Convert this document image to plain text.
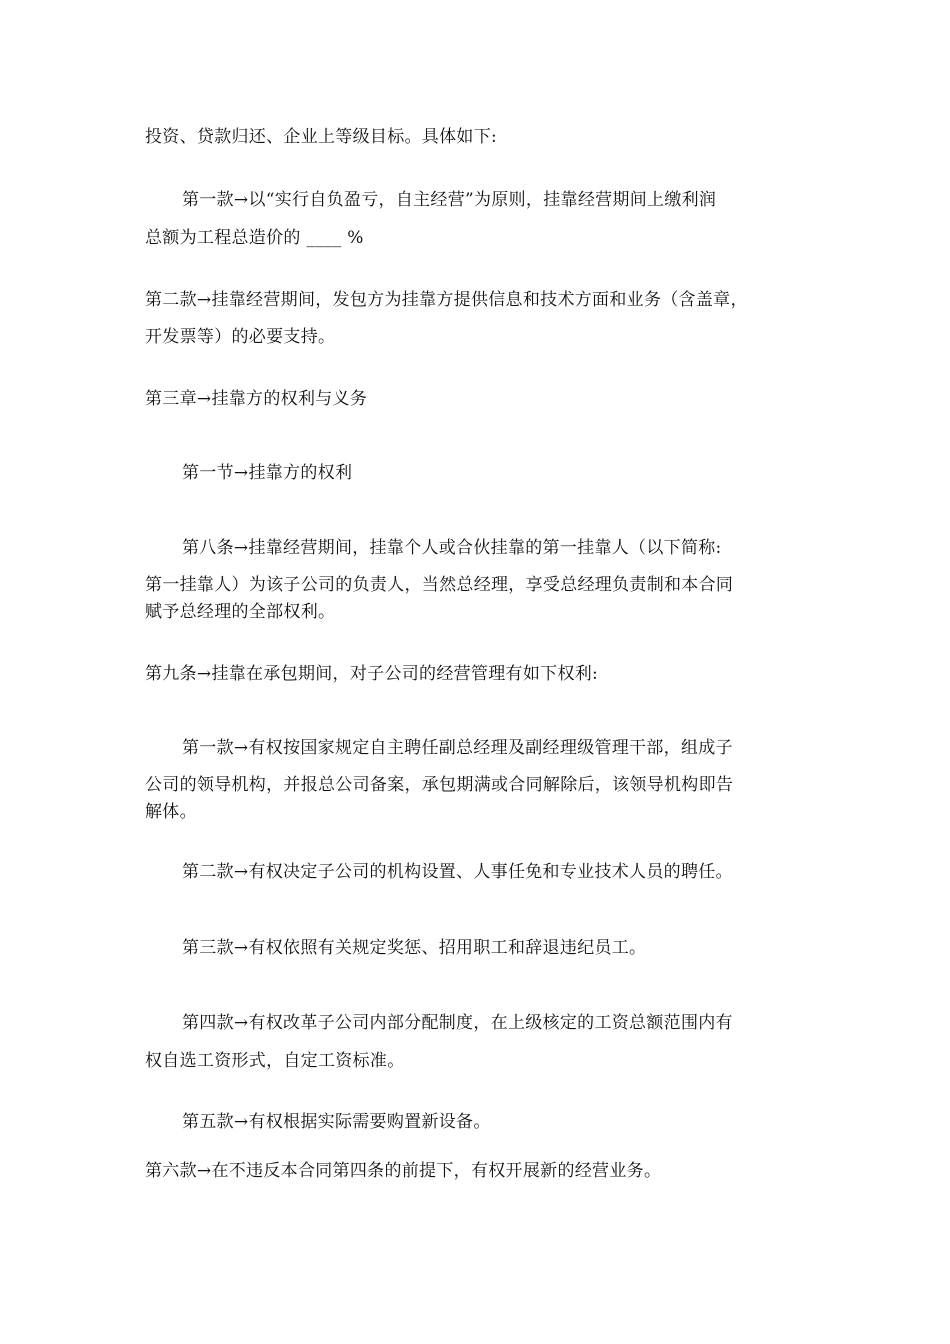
投资、贷款归还、企业上等级目标。具体如下:
第一款→以“实行自负盈亏，自主经营”为原则，挂靠经营期间上缴利润
总额为工程总造价的 ____ %
第二款→挂靠经营期间，发包方为挂靠方提供信息和技术方面和业务（含盖章，
开发票等）的必要支持。
第三章→挂靠方的权利与义务
第一节→挂靠方的权利
第八条→挂靠经营期间，挂靠个人或合伙挂靠的第一挂靠人（以下简称:
第一挂靠人）为该子公司的负责人，当然总经理，享受总经理负责制和本合同
赋予总经理的全部权利。
第九条→挂靠在承包期间，对子公司的经营管理有如下权利:
第一款→有权按国家规定自主聘任副总经理及副经理级管理干部，组成子
公司的领导机构，并报总公司备案，承包期满或合同解除后，该领导机构即告
解体。
第二款→有权决定子公司的机构设置、人事任免和专业技术人员的聘任。
第三款→有权依照有关规定奖惩、招用职工和辞退违纪员工。
第四款→有权改革子公司内部分配制度，在上级核定的工资总额范围内有
权自选工资形式，自定工资标准。
第五款→有权根据实际需要购置新设备。
第六款→在不违反本合同第四条的前提下，有权开展新的经营业务。
